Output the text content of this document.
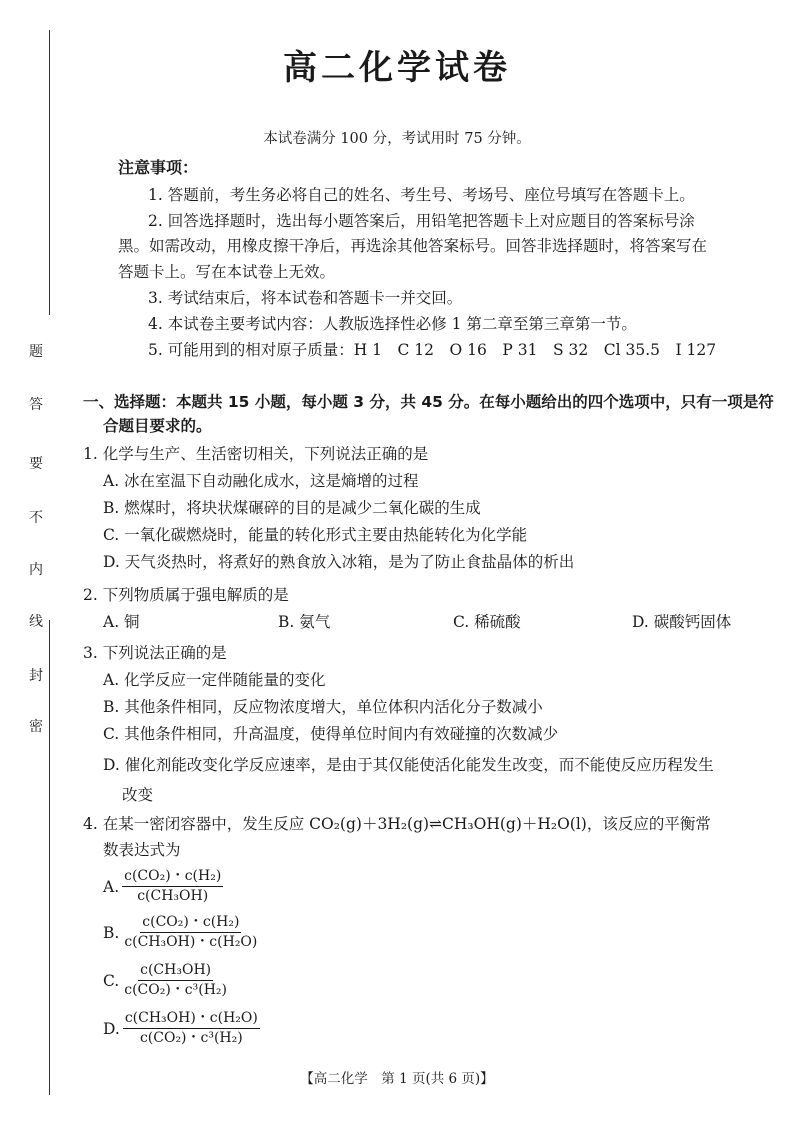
题
答
要
不
内
线
封
密
高二化学试卷
本试卷满分 100 分，考试用时 75 分钟。
注意事项：
1. 答题前，考生务必将自己的姓名、考生号、考场号、座位号填写在答题卡上。
2. 回答选择题时，选出每小题答案后，用铅笔把答题卡上对应题目的答案标号涂
黑。如需改动，用橡皮擦干净后，再选涂其他答案标号。回答非选择题时，将答案写在
答题卡上。写在本试卷上无效。
3. 考试结束后，将本试卷和答题卡一并交回。
4. 本试卷主要考试内容：人教版选择性必修 1 第二章至第三章第一节。
5. 可能用到的相对原子质量：H 1　C 12　O 16　P 31　S 32　Cl 35.5　I 127
一、选择题：本题共 15 小题，每小题 3 分，共 45 分。在每小题给出的四个选项中，只有一项是符
合题目要求的。
1. 化学与生产、生活密切相关，下列说法正确的是
A. 冰在室温下自动融化成水，这是熵增的过程
B. 燃煤时，将块状煤碾碎的目的是减少二氧化碳的生成
C. 一氧化碳燃烧时，能量的转化形式主要由热能转化为化学能
D. 天气炎热时，将煮好的熟食放入冰箱，是为了防止食盐晶体的析出
2. 下列物质属于强电解质的是
A. 铜	B. 氨气	C. 稀硫酸	D. 碳酸钙固体
3. 下列说法正确的是
A. 化学反应一定伴随能量的变化
B. 其他条件相同，反应物浓度增大，单位体积内活化分子数减小
C. 其他条件相同，升高温度，使得单位时间内有效碰撞的次数减少
D. 催化剂能改变化学反应速率，是由于其仅能使活化能发生改变，而不能使反应历程发生
改变
4. 在某一密闭容器中，发生反应 CO₂(g)＋3H₂(g)⇌CH₃OH(g)＋H₂O(l)，该反应的平衡常
数表达式为
A. $\frac{\text{c(CO₂)・c(H₂)}}{\text{c(CH₃OH)}}$
B. $\frac{\text{c(CO₂)・c(H₂)}}{\text{c(CH₃OH)・c(H₂O)}}$
C. $\frac{\text{c(CH₃OH)}}{\text{c(CO₂)・c³(H₂)}}$
D. $\frac{\text{c(CH₃OH)・c(H₂O)}}{\text{c(CO₂)・c³(H₂)}}$
【高二化学　第 1 页(共 6 页)】
